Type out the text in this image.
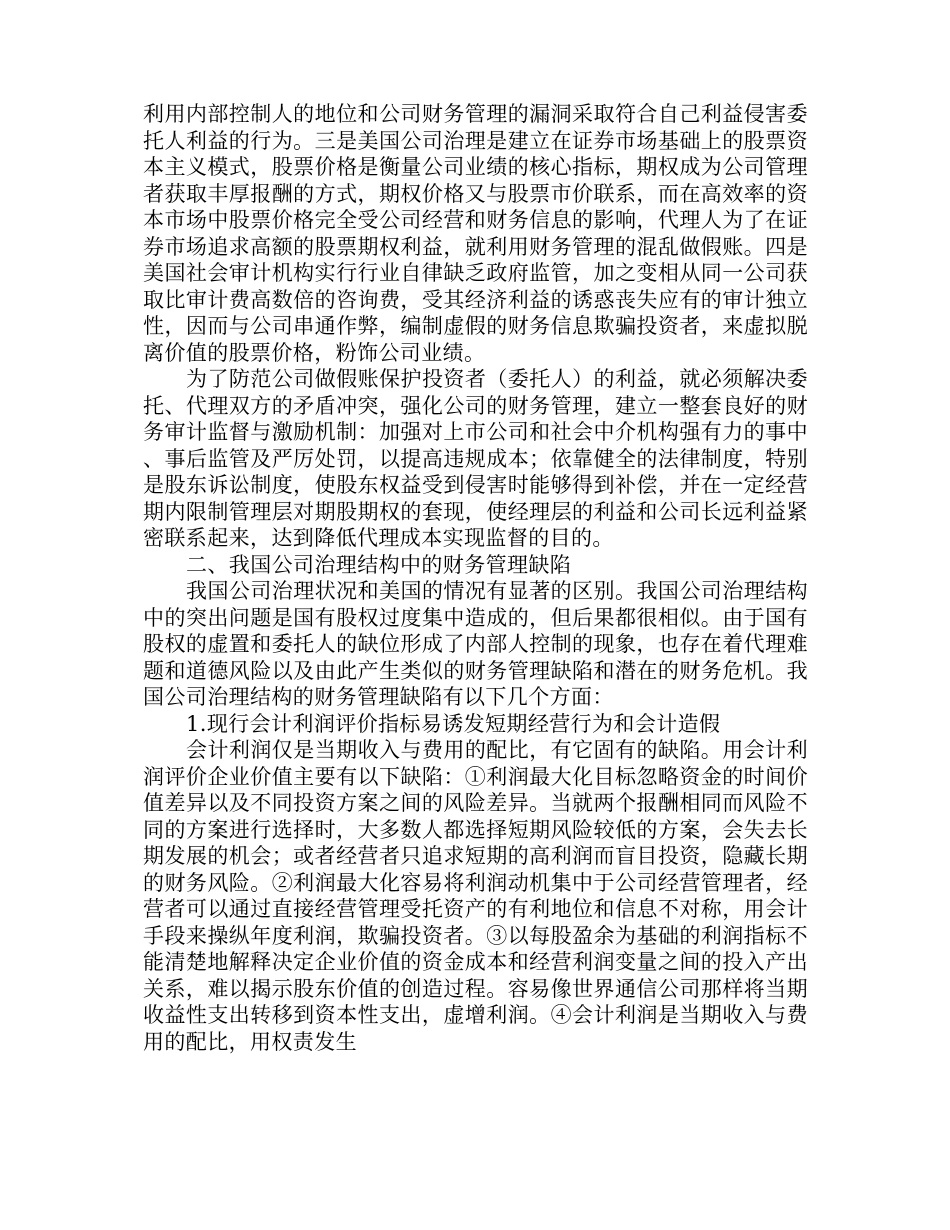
利用内部控制人的地位和公司财务管理的漏洞采取符合自己利益侵害委托人利益的行为。三是美国公司治理是建立在证券市场基础上的股票资本主义模式，股票价格是衡量公司业绩的核心指标，期权成为公司管理者获取丰厚报酬的方式，期权价格又与股票市价联系，而在高效率的资本市场中股票价格完全受公司经营和财务信息的影响，代理人为了在证券市场追求高额的股票期权利益，就利用财务管理的混乱做假账。四是美国社会审计机构实行行业自律缺乏政府监管，加之变相从同一公司获取比审计费高数倍的咨询费，受其经济利益的诱惑丧失应有的审计独立性，因而与公司串通作弊，编制虚假的财务信息欺骗投资者，来虚拟脱离价值的股票价格，粉饰公司业绩。

为了防范公司做假账保护投资者（委托人）的利益，就必须解决委托、代理双方的矛盾冲突，强化公司的财务管理，建立一整套良好的财务审计监督与激励机制：加强对上市公司和社会中介机构强有力的事中、事后监管及严厉处罚，以提高违规成本；依靠健全的法律制度，特别是股东诉讼制度，使股东权益受到侵害时能够得到补偿，并在一定经营期内限制管理层对期股期权的套现，使经理层的利益和公司长远利益紧密联系起来，达到降低代理成本实现监督的目的。

二、我国公司治理结构中的财务管理缺陷

我国公司治理状况和美国的情况有显著的区别。我国公司治理结构中的突出问题是国有股权过度集中造成的，但后果都很相似。由于国有股权的虚置和委托人的缺位形成了内部人控制的现象，也存在着代理难题和道德风险以及由此产生类似的财务管理缺陷和潜在的财务危机。我国公司治理结构的财务管理缺陷有以下几个方面：

1.现行会计利润评价指标易诱发短期经营行为和会计造假

会计利润仅是当期收入与费用的配比，有它固有的缺陷。用会计利润评价企业价值主要有以下缺陷：①利润最大化目标忽略资金的时间价值差异以及不同投资方案之间的风险差异。当就两个报酬相同而风险不同的方案进行选择时，大多数人都选择短期风险较低的方案，会失去长期发展的机会；或者经营者只追求短期的高利润而盲目投资，隐藏长期的财务风险。②利润最大化容易将利润动机集中于公司经营管理者，经营者可以通过直接经营管理受托资产的有利地位和信息不对称，用会计手段来操纵年度利润，欺骗投资者。③以每股盈余为基础的利润指标不能清楚地解释决定企业价值的资金成本和经营利润变量之间的投入产出关系，难以揭示股东价值的创造过程。容易像世界通信公司那样将当期收益性支出转移到资本性支出，虚增利润。④会计利润是当期收入与费用的配比，用权责发生
